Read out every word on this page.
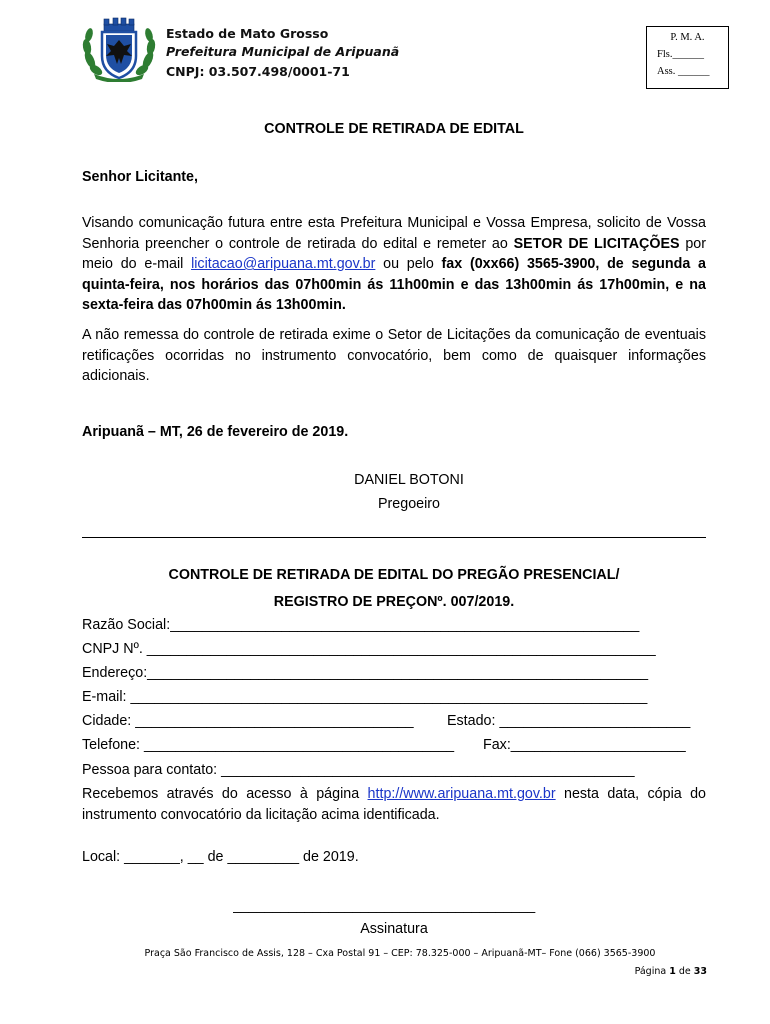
Estado de Mato Grosso
Prefeitura Municipal de Aripuanã
CNPJ: 03.507.498/0001-71
P. M. A.
Fls.______
Ass. ______
CONTROLE DE RETIRADA DE EDITAL
Senhor Licitante,
Visando comunicação futura entre esta Prefeitura Municipal e Vossa Empresa, solicito de Vossa Senhoria preencher o controle de retirada do edital e remeter ao SETOR DE LICITAÇÕES por meio do e-mail licitacao@aripuana.mt.gov.br ou pelo fax (0xx66) 3565-3900, de segunda a quinta-feira, nos horários das 07h00min ás 11h00min e das 13h00min ás 17h00min, e na sexta-feira das 07h00min ás 13h00min.
A não remessa do controle de retirada exime o Setor de Licitações da comunicação de eventuais retificações ocorridas no instrumento convocatório, bem como de quaisquer informações adicionais.
Aripuanã – MT, 26 de fevereiro de 2019.
DANIEL BOTONI
Pregoeiro
CONTROLE DE RETIRADA DE EDITAL DO PREGÃO PRESENCIAL/
REGISTRO DE PREÇONº. 007/2019.
Razão Social:___________________________________________________________
CNPJ Nº. ________________________________________________________________
Endereço:_______________________________________________________________
E-mail: _________________________________________________________________
Cidade: ___________________________________	Estado: ________________________
Telefone: _______________________________________	Fax:______________________
Pessoa para contato: ____________________________________________________
Recebemos através do acesso à página http://www.aripuana.mt.gov.br nesta data, cópia do instrumento convocatório da licitação acima identificada.
Local: _______, __ de _________ de 2019.
______________________________________
Assinatura
Praça São Francisco de Assis, 128 – Cxa Postal 91 – CEP: 78.325-000 – Aripuanã-MT– Fone (066) 3565-3900
Página 1 de 33
